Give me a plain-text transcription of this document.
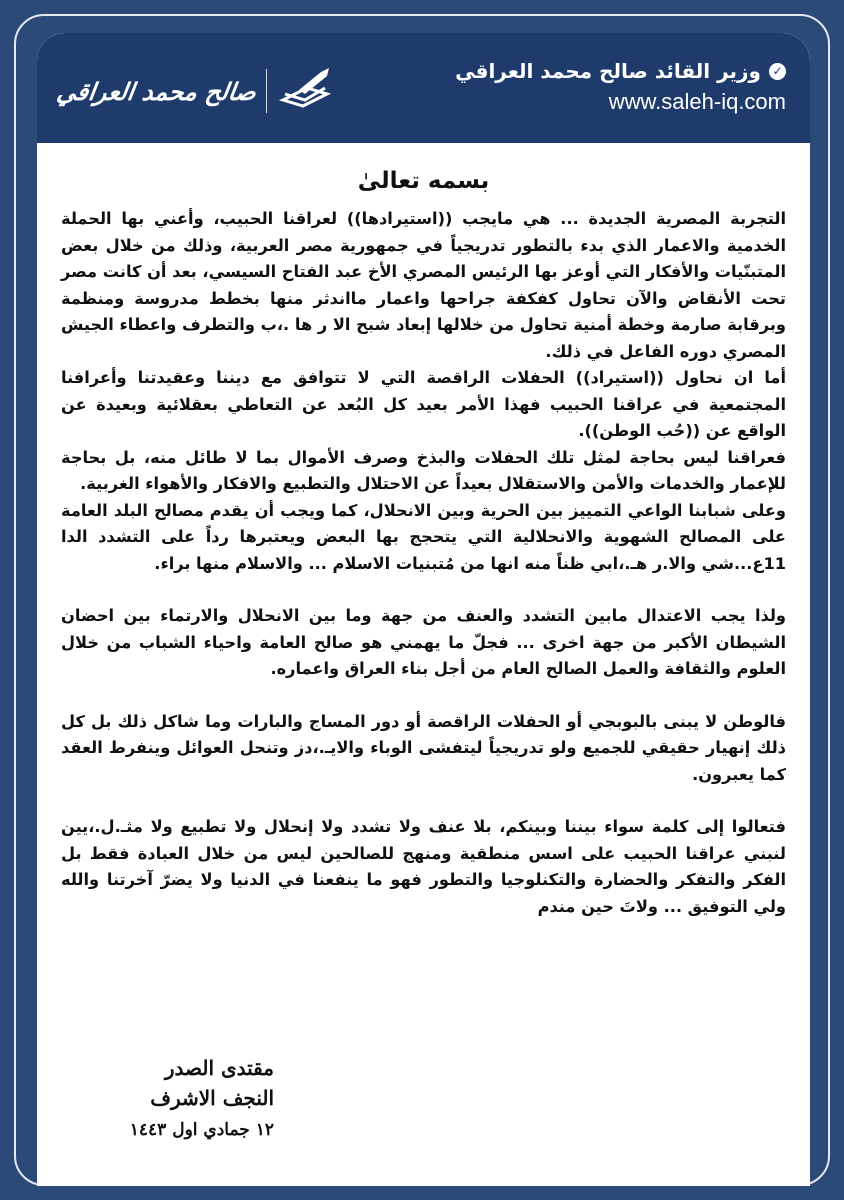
✓
وزير القائد صالح محمد العراقي
www.saleh-iq.com
صالح محمد العراقي
بسمه تعالىٰ

التجربة المصرية الجديدة ... هي مايجب ((استيرادها)) لعراقنا الحبيب، وأعني بها الحملة الخدمية والاعمار الذي بدء بالتطور تدريجياً في جمهورية مصر العربية، وذلك من خلال بعض المتبنّيات والأفكار التي أوعز بها الرئيس المصري الأخ عبد الفتاح السيسي، بعد أن كانت مصر تحت الأنقاض والآن تحاول كفكفة جراحها واعمار مااندثر منها بخطط مدروسة ومنظمة وبرقابة صارمة وخطة أمنية تحاول من خلالها إبعاد شبح الا ر ها .،ب والتطرف واعطاء الجيش المصري دوره الفاعل في ذلك.

أما ان نحاول ((استيراد)) الحفلات الراقصة التي لا تتوافق مع ديننا وعقيدتنا وأعرافنا المجتمعية في عراقنا الحبيب فهذا الأمر بعيد كل البُعد عن التعاطي بعقلائية وبعيدة عن الواقع عن ((حُب الوطن)).

فعراقنا ليس بحاجة لمثل تلك الحفلات والبذخ وصرف الأموال بما لا طائل منه، بل بحاجة للإعمار والخدمات والأمن والاستقلال بعيداً عن الاحتلال والتطبيع والافكار والأهواء الغربية.

وعلى شبابنا الواعي التمييز بين الحرية وبين الانحلال، كما ويجب أن يقدم مصالح البلد العامة على المصالح الشهوية والانحلالية التي يتحجج بها البعض ويعتبرها رداً على التشدد الدا 11ع...شي والا.ر هـ.،ابي ظناً منه انها من مُتبنيات الاسلام ... والاسلام منها براء.

ولذا يجب الاعتدال مابين التشدد والعنف من جهة وما بين الانحلال والارتماء بين احضان الشيطان الأكبر من جهة اخرى ... فجلّ ما يهمني هو صالح العامة واحياء الشباب من خلال العلوم والثقافة والعمل الصالح العام من أجل بناء العراق واعماره.

فالوطن لا يبنى بالبوبجي أو الحفلات الراقصة أو دور المساج والبارات وما شاكل ذلك بل كل ذلك إنهيار حقيقي للجميع ولو تدريجياً ليتفشى الوباء والايـ.،دز وتنحل العوائل وينفرط العقد كما يعبرون.

فتعالوا إلى كلمة سواء بيننا وبينكم، بلا عنف ولا تشدد ولا إنحلال ولا تطبيع ولا مثـ.ل.،يين لنبني عراقنا الحبيب على اسس منطقية ومنهج للصالحين ليس من خلال العبادة فقط بل الفكر والتفكر والحضارة والتكنلوجيا والتطور فهو ما ينفعنا في الدنيا ولا يضرّ آخرتنا والله ولي التوفيق ... ولاتَ حين مندم

مقتدى الصدر
النجف الاشرف
١٢ جمادي اول ١٤٤٣
